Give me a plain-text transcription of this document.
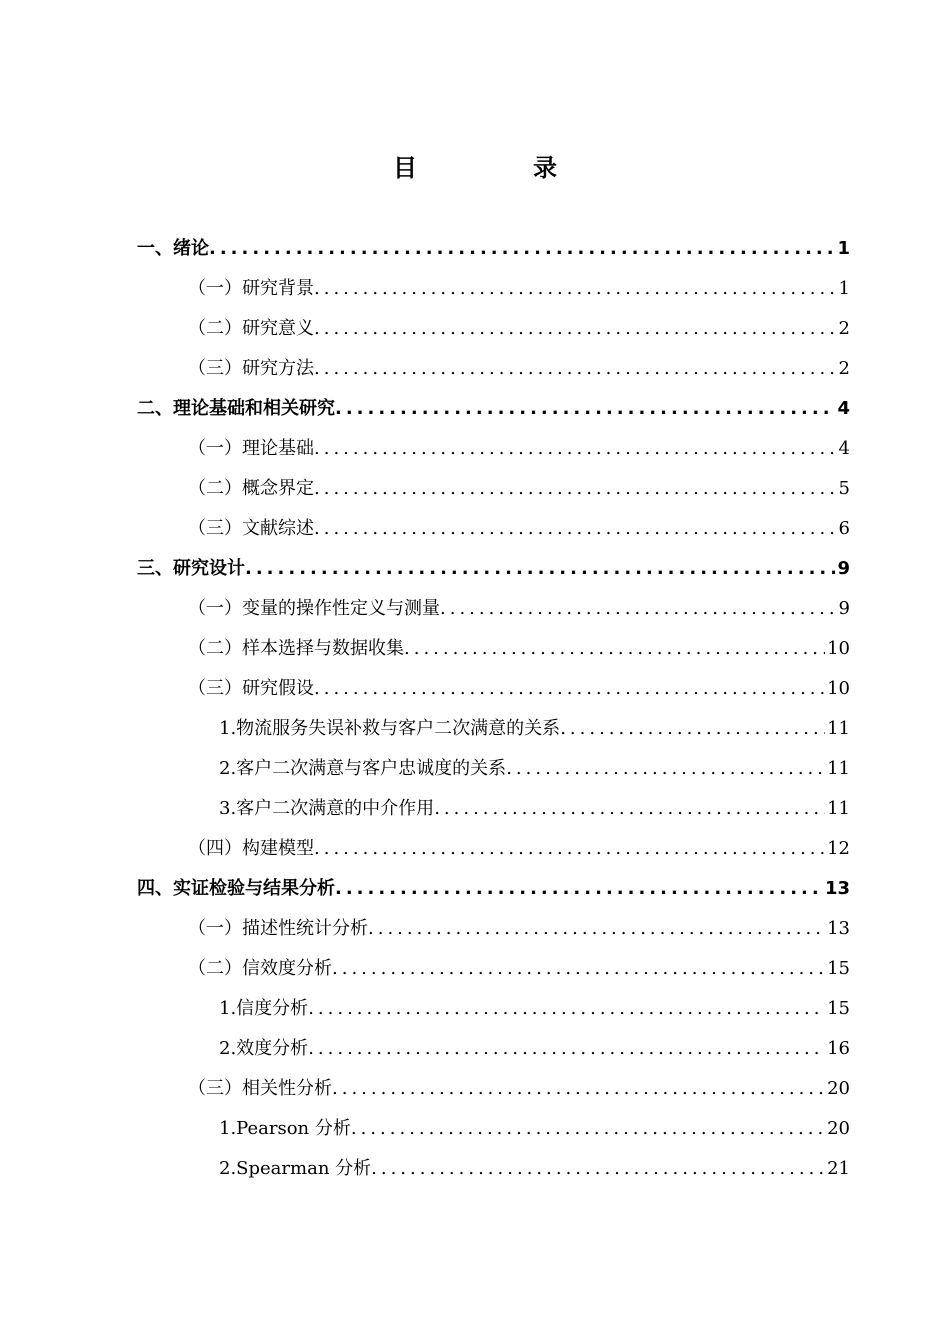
目　录
一、绪论 .....	1
（一）研究背景 .....	1
（二）研究意义 .....	2
（三）研究方法 .....	2
二、理论基础和相关研究 .....	4
（一）理论基础 .....	4
（二）概念界定 .....	5
（三）文献综述 .....	6
三、研究设计 .....	9
（一）变量的操作性定义与测量 .....	9
（二）样本选择与数据收集 .....	10
（三）研究假设 .....	10
1.物流服务失误补救与客户二次满意的关系 .....	11
2.客户二次满意与客户忠诚度的关系 .....	11
3.客户二次满意的中介作用 .....	11
（四）构建模型 .....	12
四、实证检验与结果分析 .....	13
（一）描述性统计分析 .....	13
（二）信效度分析 .....	15
1.信度分析 .....	15
2.效度分析 .....	16
（三）相关性分析 .....	20
1.Pearson 分析 .....	20
2.Spearman 分析 .....	21
